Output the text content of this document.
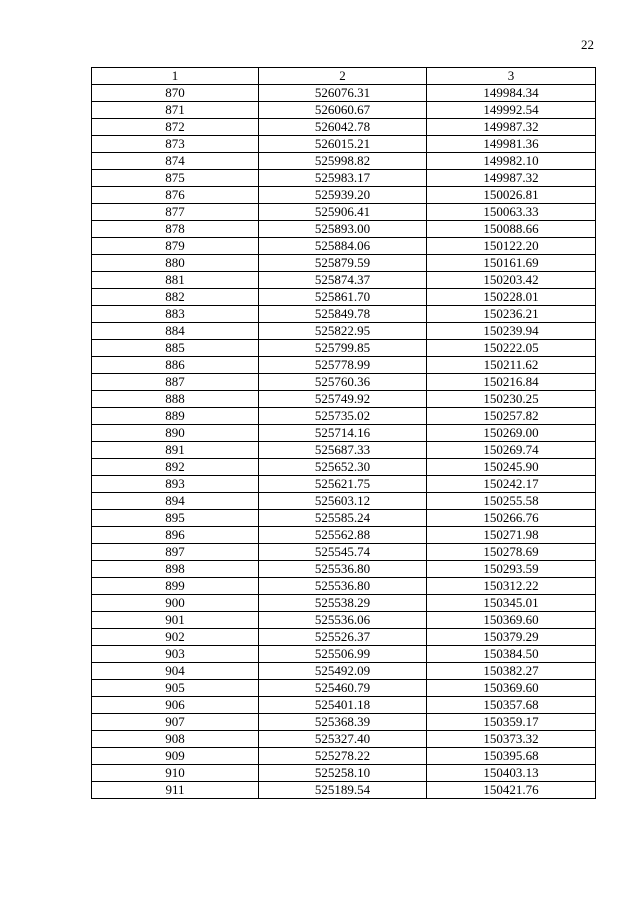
22
1	2	3
870	526076.31	149984.34
871	526060.67	149992.54
872	526042.78	149987.32
873	526015.21	149981.36
874	525998.82	149982.10
875	525983.17	149987.32
876	525939.20	150026.81
877	525906.41	150063.33
878	525893.00	150088.66
879	525884.06	150122.20
880	525879.59	150161.69
881	525874.37	150203.42
882	525861.70	150228.01
883	525849.78	150236.21
884	525822.95	150239.94
885	525799.85	150222.05
886	525778.99	150211.62
887	525760.36	150216.84
888	525749.92	150230.25
889	525735.02	150257.82
890	525714.16	150269.00
891	525687.33	150269.74
892	525652.30	150245.90
893	525621.75	150242.17
894	525603.12	150255.58
895	525585.24	150266.76
896	525562.88	150271.98
897	525545.74	150278.69
898	525536.80	150293.59
899	525536.80	150312.22
900	525538.29	150345.01
901	525536.06	150369.60
902	525526.37	150379.29
903	525506.99	150384.50
904	525492.09	150382.27
905	525460.79	150369.60
906	525401.18	150357.68
907	525368.39	150359.17
908	525327.40	150373.32
909	525278.22	150395.68
910	525258.10	150403.13
911	525189.54	150421.76
